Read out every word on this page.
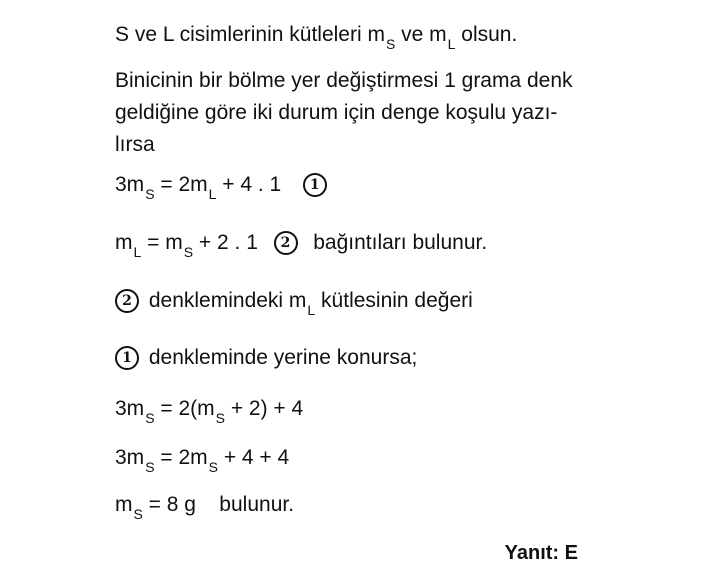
S ve L cisimlerinin kütleleri $m_S$ ve $m_L$ olsun.
Binicinin bir bölme yer değiştirmesi 1 grama denk
geldiğine göre iki durum için denge koşulu yazı-
lırsa
$3m_S = 2m_L + 4$ . 1 1
$m_L = m_S + 2$ . 1 2 bağıntıları bulunur.
2 denklemindeki $m_L$ kütlesinin değeri
1 denkleminde yerine konursa;
$3m_S = 2(m_S + 2) + 4$
$3m_S = 2m_S + 4 + 4$
$m_S = 8$ g    bulunur.
Yanıt: E
